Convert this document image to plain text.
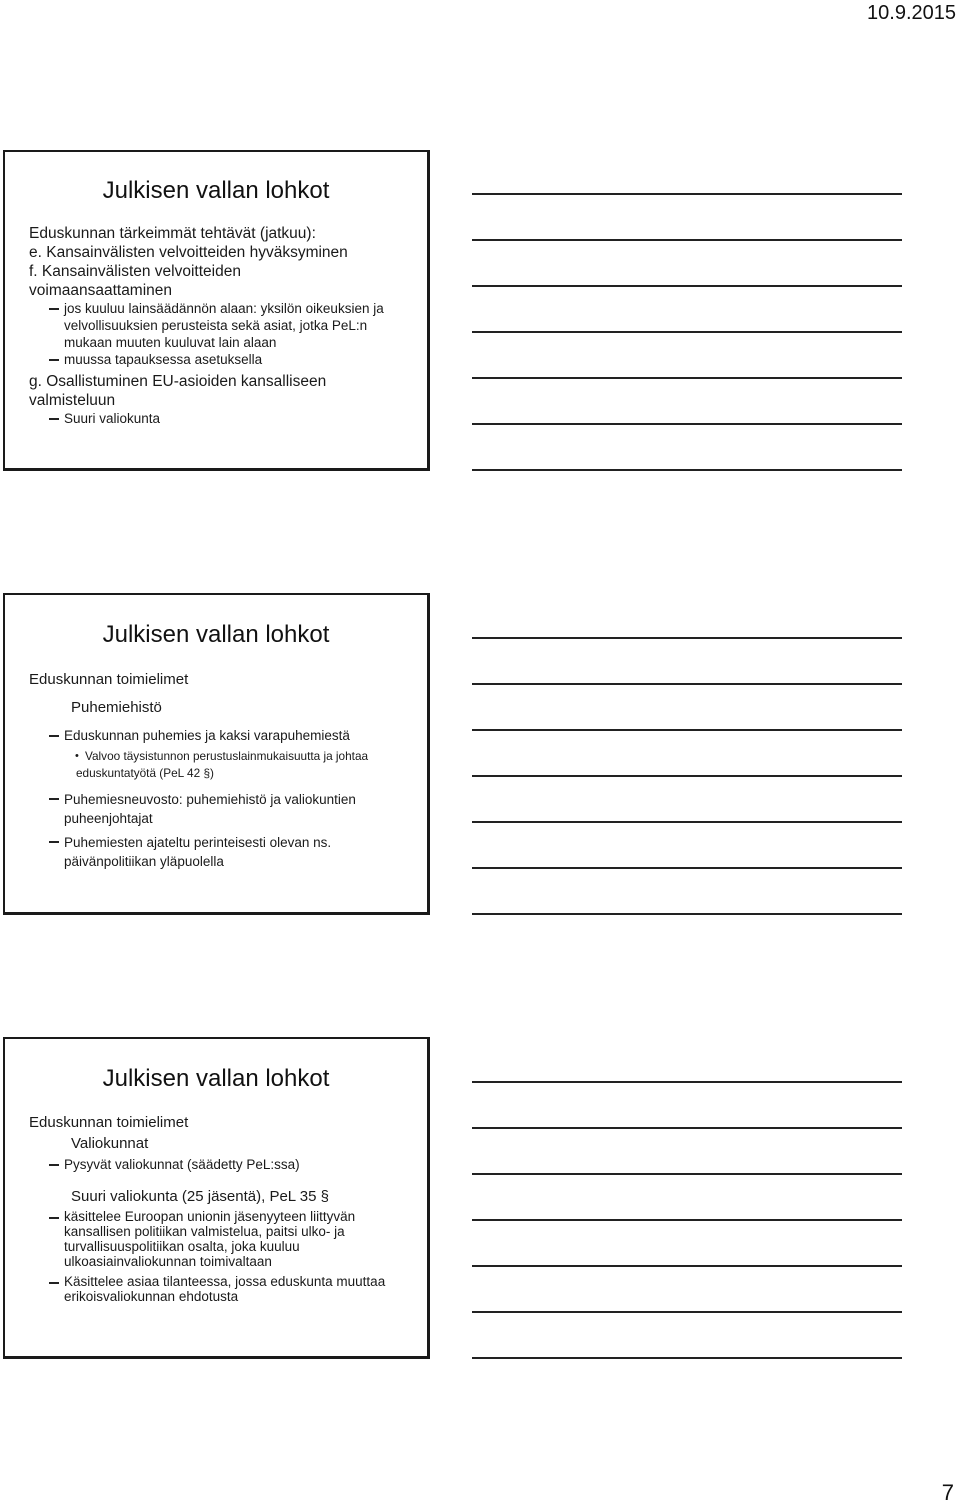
10.9.2015
Julkisen vallan lohkot
Eduskunnan tärkeimmät tehtävät (jatkuu):
e. Kansainvälisten velvoitteiden hyväksyminen
f. Kansainvälisten velvoitteiden
voimaansaattaminen
jos kuuluu lainsäädännön alaan: yksilön oikeuksien ja
velvollisuuksien perusteista sekä asiat, jotka PeL:n
mukaan muuten kuuluvat lain alaan
muussa tapauksessa asetuksella
g. Osallistuminen EU-asioiden kansalliseen
valmisteluun
Suuri valiokunta
Julkisen vallan lohkot
Eduskunnan toimielimet
Puhemiehistö
Eduskunnan puhemies ja kaksi varapuhemiestä
• Valvoo täysistunnon perustuslainmukaisuutta ja johtaa
eduskuntatyötä (PeL 42 §)
Puhemiesneuvosto: puhemiehistö ja valiokuntien
puheenjohtajat
Puhemiesten ajateltu perinteisesti olevan ns.
päivänpolitiikan yläpuolella
Julkisen vallan lohkot
Eduskunnan toimielimet
Valiokunnat
Pysyvät valiokunnat (säädetty PeL:ssa)
Suuri valiokunta (25 jäsentä), PeL 35 §
käsittelee Euroopan unionin jäsenyyteen liittyvän
kansallisen politiikan valmistelua, paitsi ulko- ja
turvallisuuspolitiikan osalta, joka kuuluu
ulkoasiainvaliokunnan toimivaltaan
Käsittelee asiaa tilanteessa, jossa eduskunta muuttaa
erikoisvaliokunnan ehdotusta
7
